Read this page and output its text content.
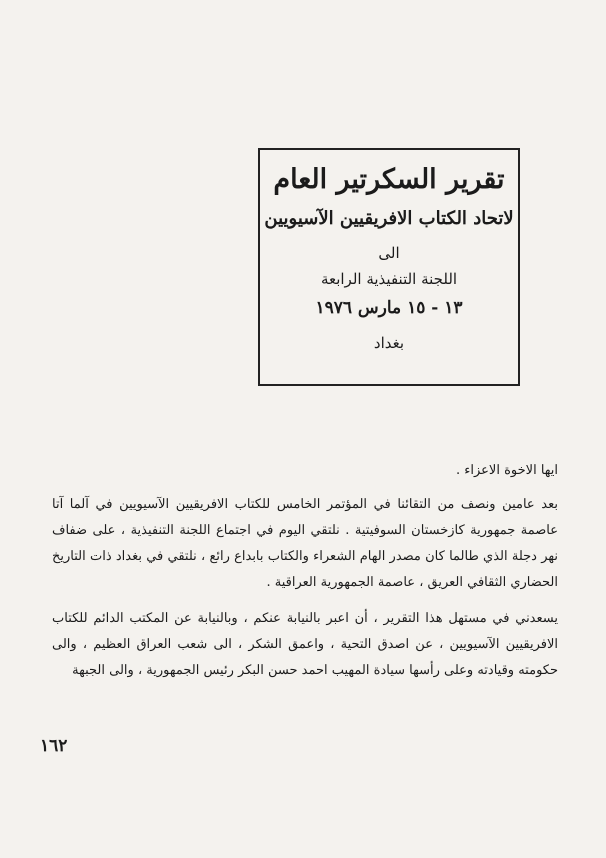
تقرير السكرتير العام
لاتحاد الكتاب الافريقيين الآسيويين
الى
اللجنة التنفيذية الرابعة
١٣ - ١٥ مارس ١٩٧٦
بغداد
ايها الاخوة الاعزاء .
بعد عامين ونصف من التقائنا في المؤتمر الخامس للكتاب الافريقيين الآسيويين في آلما آتا عاصمة جمهورية كازخستان السوفيتية . نلتقي اليوم في اجتماع اللجنة التنفيذية ، على ضفاف نهر دجلة الذي طالما كان مصدر الهام الشعراء والكتاب بابداع رائع ، نلتقي في بغداد ذات التاريخ الحضاري الثقافي العريق ، عاصمة الجمهورية العراقية .
يسعدني في مستهل هذا التقرير ، أن اعبر بالنيابة عنكم ، وبالنيابة عن المكتب الدائم للكتاب الافريقيين الآسيويين ، عن اصدق التحية ، واعمق الشكر ، الى شعب العراق العظيم ، والى حكومته وقيادته وعلى رأسها سيادة المهيب احمد حسن البكر رئيس الجمهورية ، والى الجبهة
١٦٢
